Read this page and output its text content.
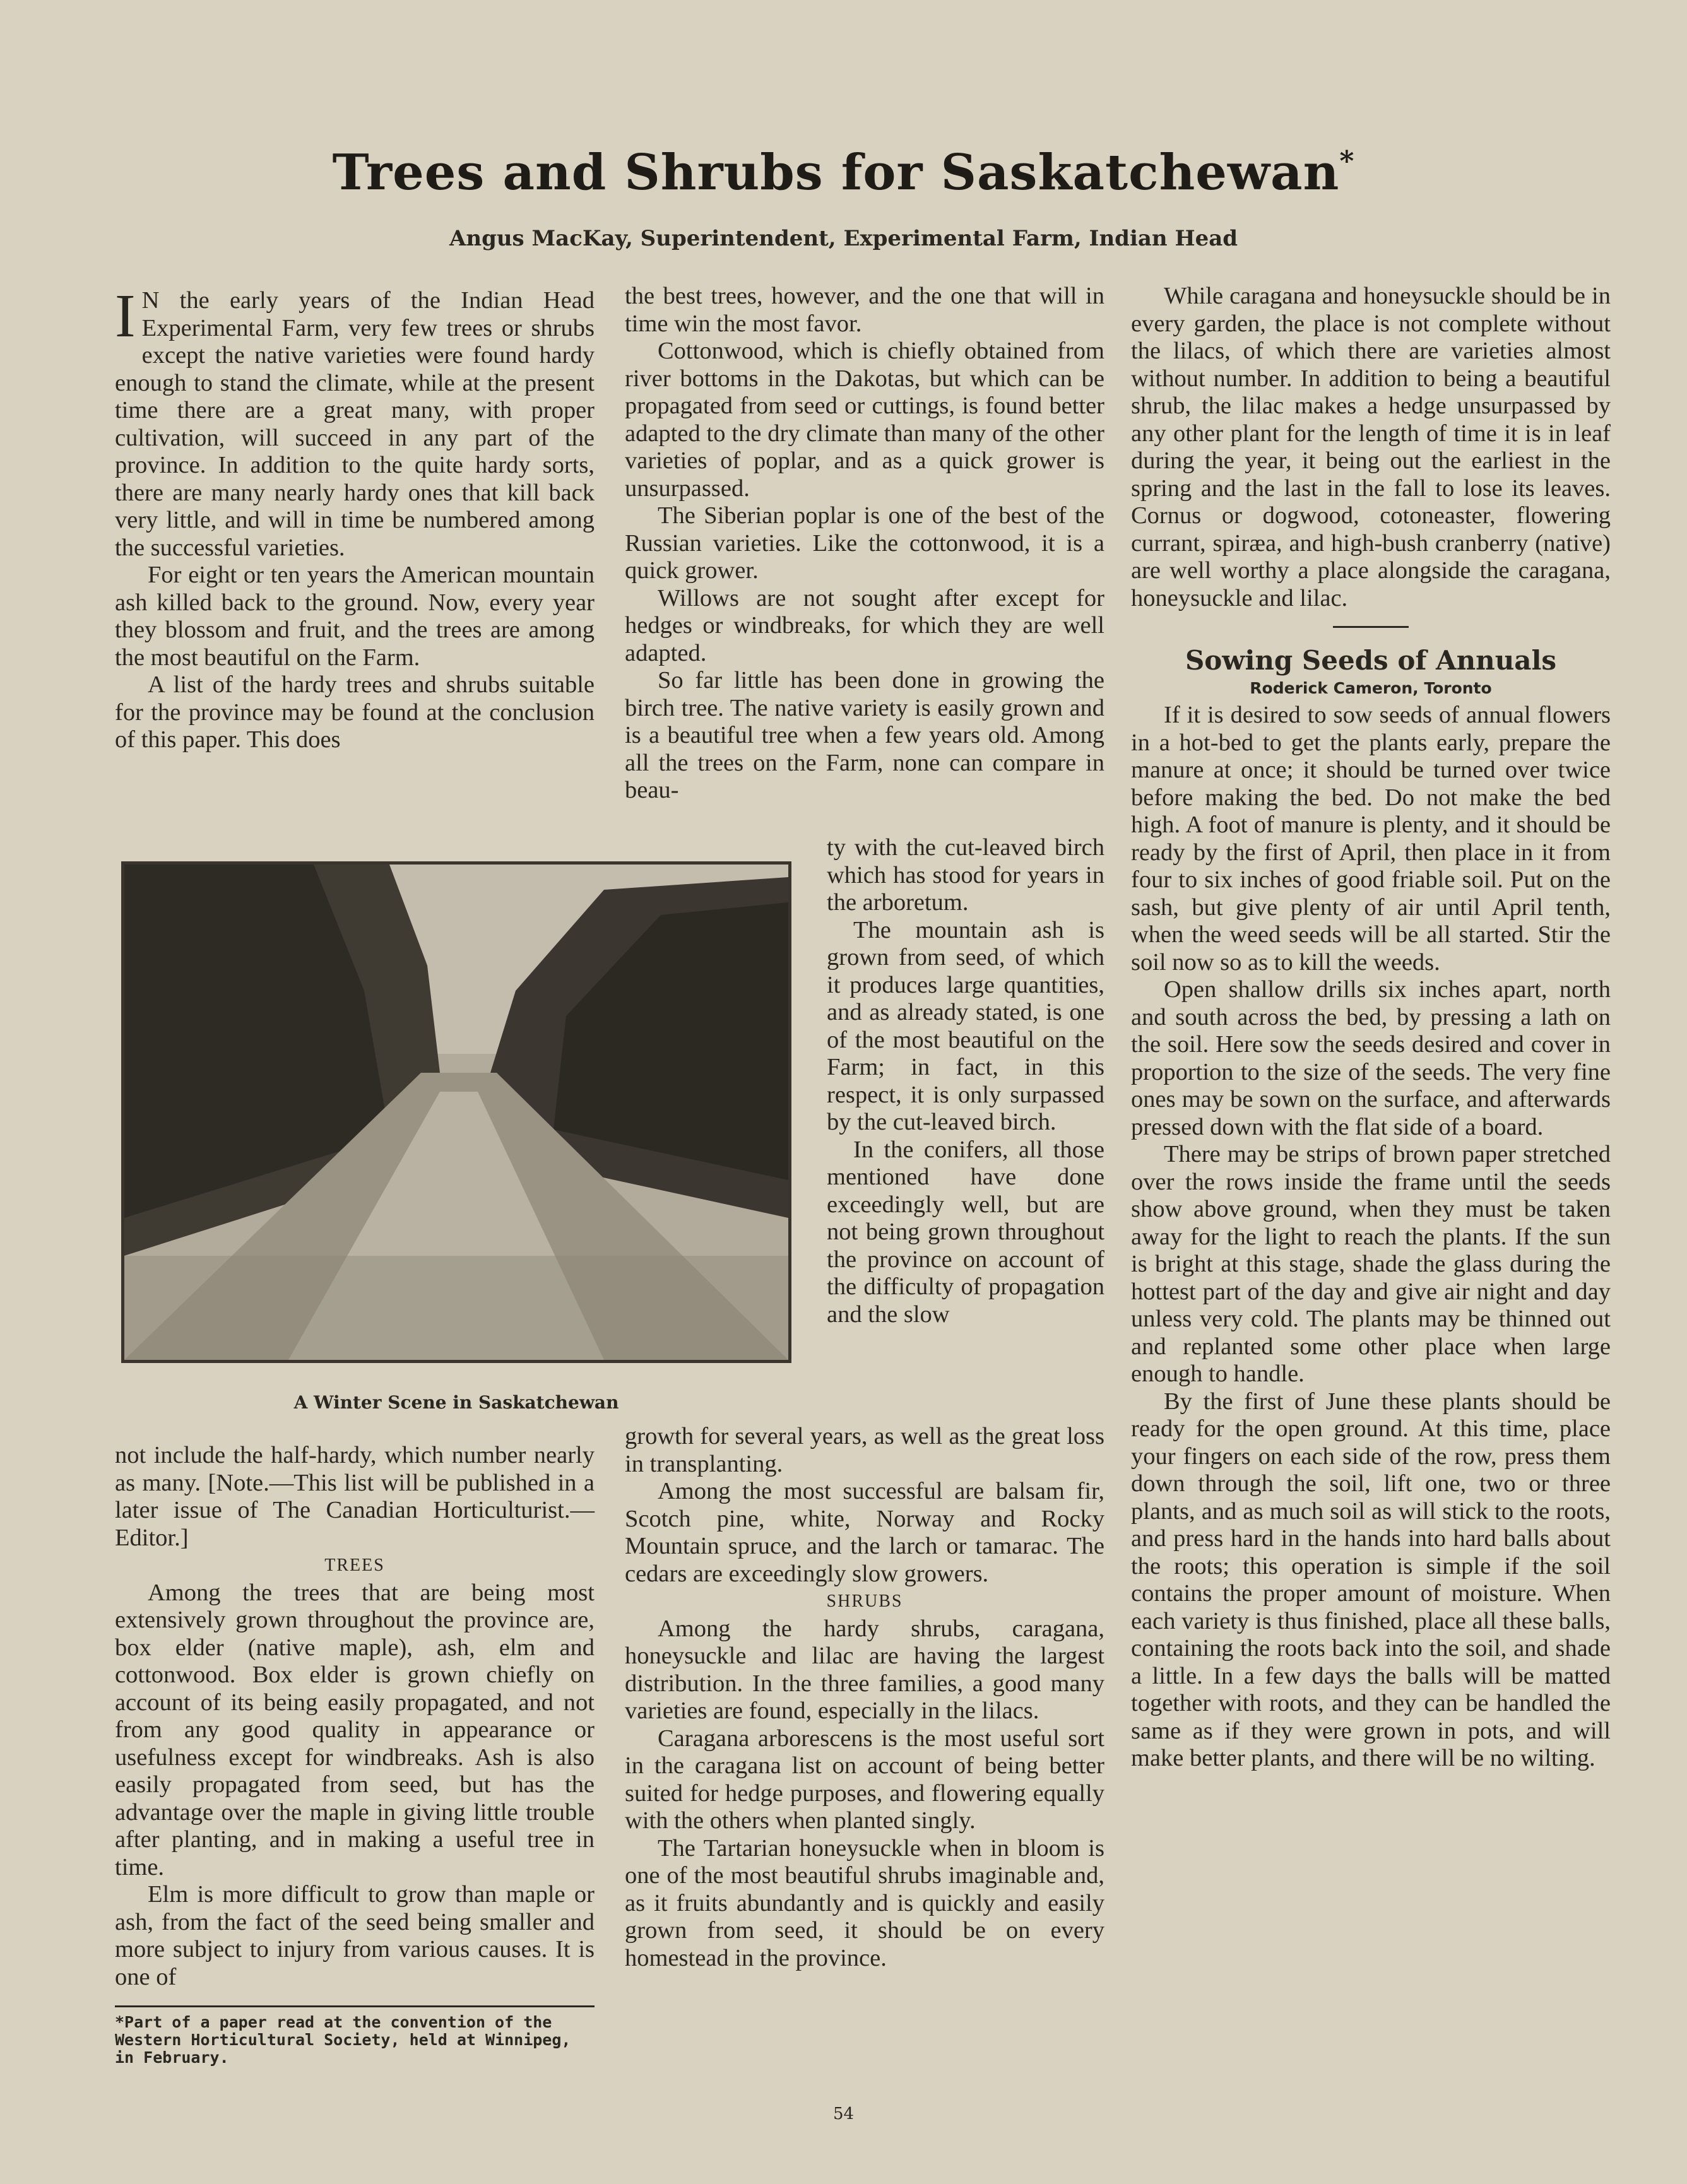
Trees and Shrubs for Saskatchewan*
Angus MacKay, Superintendent, Experimental Farm, Indian Head

I N the early years of the Indian Head Experimental Farm, very few trees or shrubs except the native varieties were found hardy enough to stand the climate, while at the present time there are a great many, with proper cultivation, will succeed in any part of the province. In addition to the quite hardy sorts, there are many nearly hardy ones that kill back very little, and will in time be numbered among the successful varieties.

For eight or ten years the American mountain ash killed back to the ground. Now, every year they blossom and fruit, and the trees are among the most beautiful on the Farm.

A list of the hardy trees and shrubs suitable for the province may be found at the conclusion of this paper. This does

the best trees, however, and the one that will in time win the most favor.

Cottonwood, which is chiefly obtained from river bottoms in the Dakotas, but which can be propagated from seed or cuttings, is found better adapted to the dry climate than many of the other varieties of poplar, and as a quick grower is unsurpassed.

The Siberian poplar is one of the best of the Russian varieties. Like the cottonwood, it is a quick grower.

Willows are not sought after except for hedges or windbreaks, for which they are well adapted.

So far little has been done in growing the birch tree. The native variety is easily grown and is a beautiful tree when a few years old. Among all the trees on the Farm, none can compare in beau-

A Winter Scene in Saskatchewan

ty with the cut-leaved birch which has stood for years in the arboretum.

The mountain ash is grown from seed, of which it produces large quantities, and as already stated, is one of the most beautiful on the Farm; in fact, in this respect, it is only surpassed by the cut-leaved birch.

In the conifers, all those mentioned have done exceedingly well, but are not being grown throughout the province on account of the difficulty of propagation and the slow

not include the half-hardy, which number nearly as many. [Note.—This list will be published in a later issue of The Canadian Horticulturist.—Editor.]

TREES

Among the trees that are being most extensively grown throughout the province are, box elder (native maple), ash, elm and cottonwood. Box elder is grown chiefly on account of its being easily propagated, and not from any good quality in appearance or usefulness except for windbreaks. Ash is also easily propagated from seed, but has the advantage over the maple in giving little trouble after planting, and in making a useful tree in time.

Elm is more difficult to grow than maple or ash, from the fact of the seed being smaller and more subject to injury from various causes. It is one of

*Part of a paper read at the convention of the Western Horticultural Society, held at Winnipeg, in February.

growth for several years, as well as the great loss in transplanting.

Among the most successful are balsam fir, Scotch pine, white, Norway and Rocky Mountain spruce, and the larch or tamarac. The cedars are exceedingly slow growers.

SHRUBS

Among the hardy shrubs, caragana, honeysuckle and lilac are having the largest distribution. In the three families, a good many varieties are found, especially in the lilacs.

Caragana arborescens is the most useful sort in the caragana list on account of being better suited for hedge purposes, and flowering equally with the others when planted singly.

The Tartarian honeysuckle when in bloom is one of the most beautiful shrubs imaginable and, as it fruits abundantly and is quickly and easily grown from seed, it should be on every homestead in the province.

While caragana and honeysuckle should be in every garden, the place is not complete without the lilacs, of which there are varieties almost without number. In addition to being a beautiful shrub, the lilac makes a hedge unsurpassed by any other plant for the length of time it is in leaf during the year, it being out the earliest in the spring and the last in the fall to lose its leaves. Cornus or dogwood, cotoneaster, flowering currant, spiræa, and high-bush cranberry (native) are well worthy a place alongside the caragana, honeysuckle and lilac.

Sowing Seeds of Annuals

Roderick Cameron, Toronto

If it is desired to sow seeds of annual flowers in a hot-bed to get the plants early, prepare the manure at once; it should be turned over twice before making the bed. Do not make the bed high. A foot of manure is plenty, and it should be ready by the first of April, then place in it from four to six inches of good friable soil. Put on the sash, but give plenty of air until April tenth, when the weed seeds will be all started. Stir the soil now so as to kill the weeds.

Open shallow drills six inches apart, north and south across the bed, by pressing a lath on the soil. Here sow the seeds desired and cover in proportion to the size of the seeds. The very fine ones may be sown on the surface, and afterwards pressed down with the flat side of a board.

There may be strips of brown paper stretched over the rows inside the frame until the seeds show above ground, when they must be taken away for the light to reach the plants. If the sun is bright at this stage, shade the glass during the hottest part of the day and give air night and day unless very cold. The plants may be thinned out and replanted some other place when large enough to handle.

By the first of June these plants should be ready for the open ground. At this time, place your fingers on each side of the row, press them down through the soil, lift one, two or three plants, and as much soil as will stick to the roots, and press hard in the hands into hard balls about the roots; this operation is simple if the soil contains the proper amount of moisture. When each variety is thus finished, place all these balls, containing the roots back into the soil, and shade a little. In a few days the balls will be matted together with roots, and they can be handled the same as if they were grown in pots, and will make better plants, and there will be no wilting.

54
